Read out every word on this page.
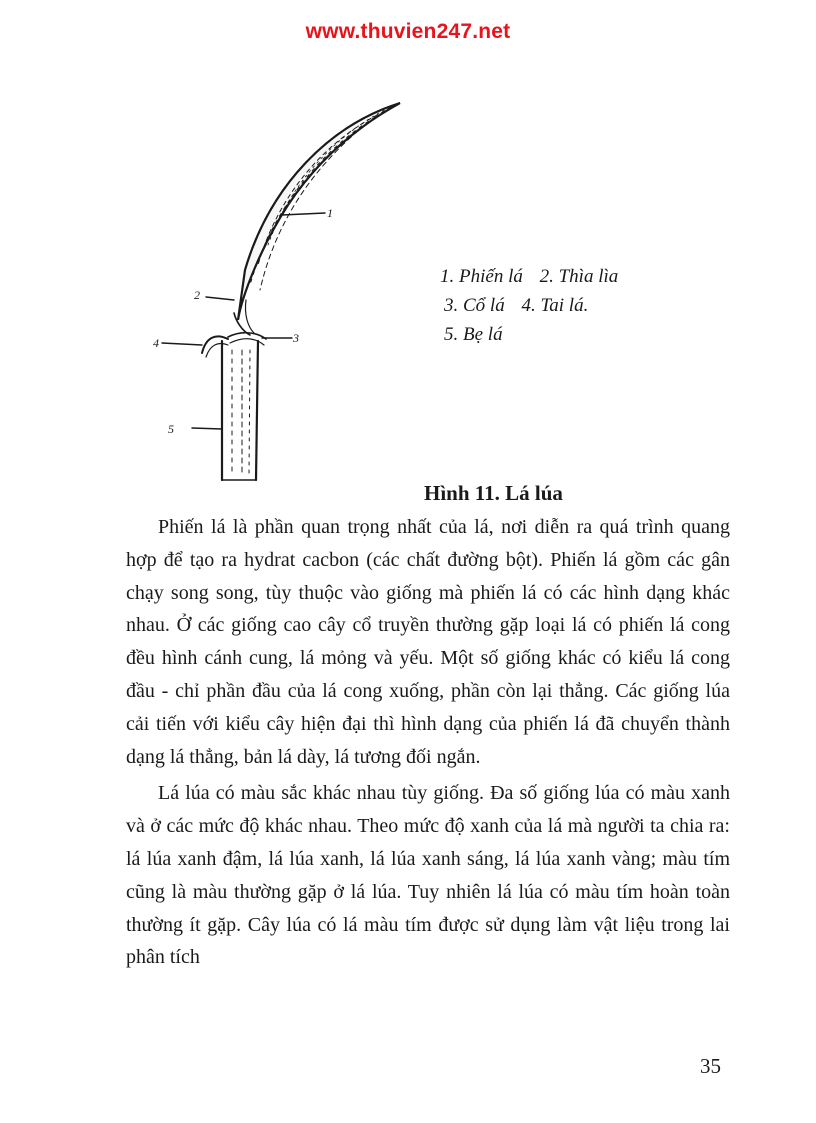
www.thuvien247.net
1
2
3
4
5
1. Phiến lá 2. Thìa lìa
3. Cổ lá 4. Tai lá.
5. Bẹ lá
Hình 11. Lá lúa

Phiến lá là phần quan trọng nhất của lá, nơi diễn ra quá trình quang hợp để tạo ra hydrat cacbon (các chất đường bột). Phiến lá gồm các gân chạy song song, tùy thuộc vào giống mà phiến lá có các hình dạng khác nhau. Ở các giống cao cây cổ truyền thường gặp loại lá có phiến lá cong đều hình cánh cung, lá mỏng và yếu. Một số giống khác có kiểu lá cong đầu - chỉ phần đầu của lá cong xuống, phần còn lại thẳng. Các giống lúa cải tiến với kiểu cây hiện đại thì hình dạng của phiến lá đã chuyển thành dạng lá thẳng, bản lá dày, lá tương đối ngắn.

Lá lúa có màu sắc khác nhau tùy giống. Đa số giống lúa có màu xanh và ở các mức độ khác nhau. Theo mức độ xanh của lá mà người ta chia ra: lá lúa xanh đậm, lá lúa xanh, lá lúa xanh sáng, lá lúa xanh vàng; màu tím cũng là màu thường gặp ở lá lúa. Tuy nhiên lá lúa có màu tím hoàn toàn thường ít gặp. Cây lúa có lá màu tím được sử dụng làm vật liệu trong lai phân tích

35
